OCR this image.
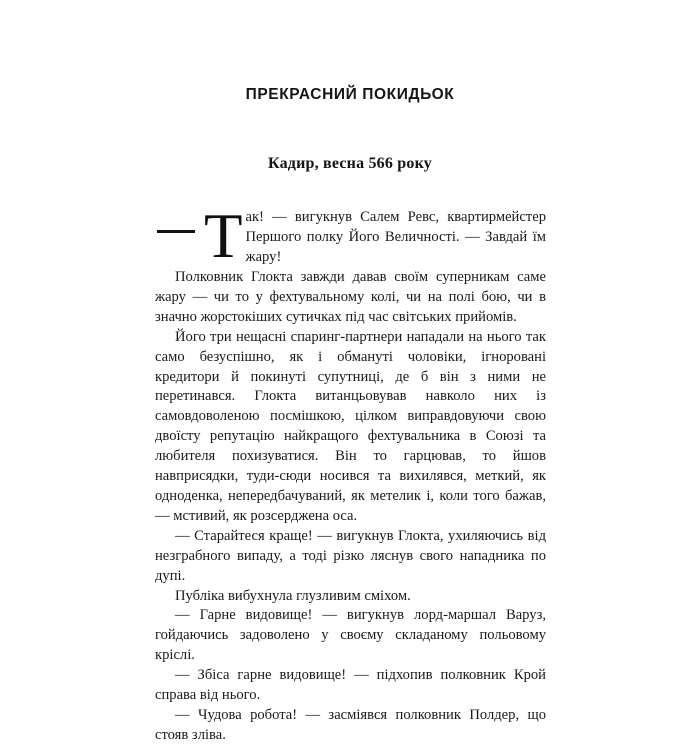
ПРЕКРАСНИЙ ПОКИДЬОК
Кадир, весна 566 року
Т ак! — вигукнув Салем Ревс, квартирмейстер Першого полку Його Величності. — Завдай їм жару!

Полковник Глокта завжди давав своїм суперникам саме жару — чи то у фехтувальному колі, чи на полі бою, чи в значно жорстокіших сутичках під час світських прийомів.

Його три нещасні спаринг-партнери нападали на нього так само безуспішно, як і обмануті чоловіки, ігноровані кредитори й покинуті супутниці, де б він з ними не перетинався. Глокта витанцьовував навколо них із самовдоволеною посмішкою, цілком виправдовуючи свою двоїсту репутацію найкращого фехтувальника в Союзі та любителя похизуватися. Він то гарцював, то йшов навприсядки, туди-сюди носився та вихилявся, меткий, як одноденка, непередбачуваний, як метелик і, коли того бажав, — мстивий, як розсерджена оса.

— Старайтеся краще! — вигукнув Глокта, ухиляючись від незграбного випаду, а тоді різко ляснув свого нападника по дупі.

Публіка вибухнула глузливим сміхом.

— Гарне видовище! — вигукнув лорд-маршал Варуз, гойдаючись задоволено у своєму складаному польовому кріслі.

— Збіса гарне видовище! — підхопив полковник Крой справа від нього.

— Чудова робота! — засміявся полковник Полдер, що стояв зліва.
